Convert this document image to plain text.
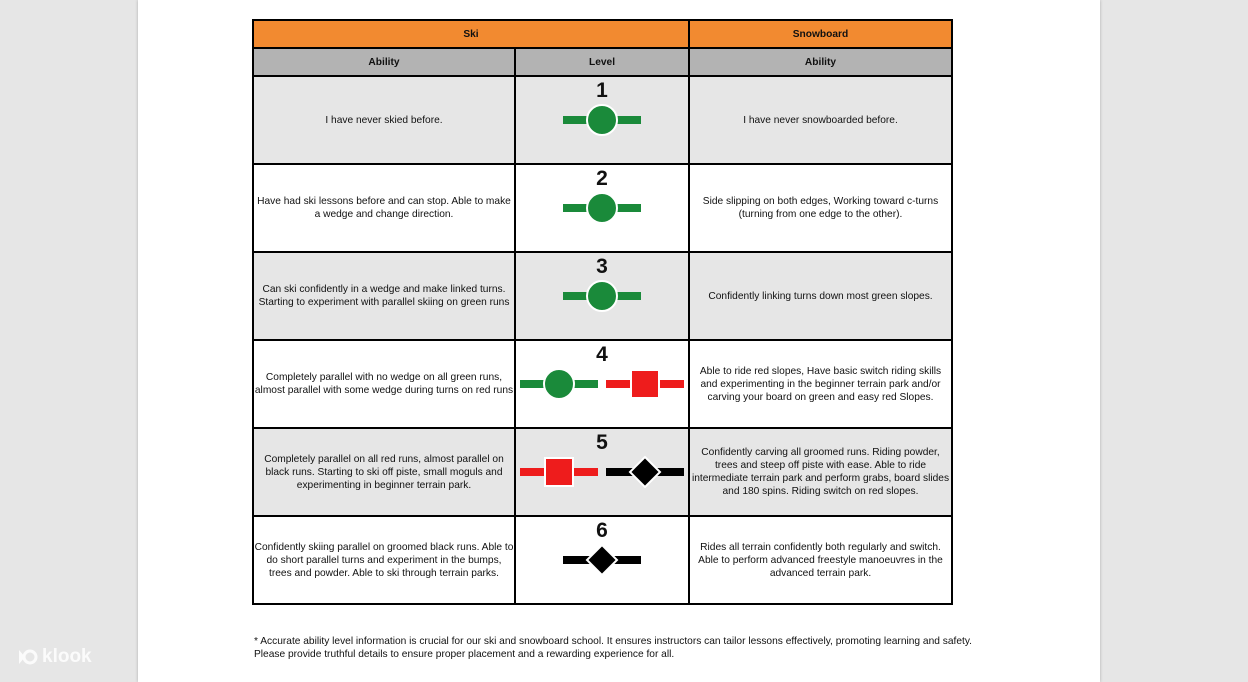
Ski		Snowboard
Ability	Level	Ability
I have never skied before.	1	I have never snowboarded before.
Have had ski lessons before and can stop. Able to make a wedge and change direction.	2	Side slipping on both edges, Working toward c-turns (turning from one edge to the other).
Can ski confidently in a wedge and make linked turns. Starting to experiment with parallel skiing on green runs	3	Confidently linking turns down most green slopes.
Completely parallel with no wedge on all green runs, almost parallel with some wedge during turns on red runs	4	Able to ride red slopes, Have basic switch riding skills and experimenting in the beginner terrain park and/or carving your board on green and easy red Slopes.
Completely parallel on all red runs, almost parallel on black runs. Starting to ski off piste, small moguls and experimenting in beginner terrain park.	5	Confidently carving all groomed runs. Riding powder, trees and steep off piste with ease. Able to ride intermediate terrain park and perform grabs, board slides and 180 spins. Riding switch on red slopes.
Confidently skiing parallel on groomed black runs. Able to do short parallel turns and experiment in the bumps, trees and powder. Able to ski through terrain parks.	6	Rides all terrain confidently both regularly and switch. Able to perform advanced freestyle manoeuvres in the advanced terrain park.
* Accurate ability level information is crucial for our ski and snowboard school. It ensures instructors can tailor lessons effectively, promoting learning and safety.
Please provide truthful details to ensure proper placement and a rewarding experience for all.
klook
